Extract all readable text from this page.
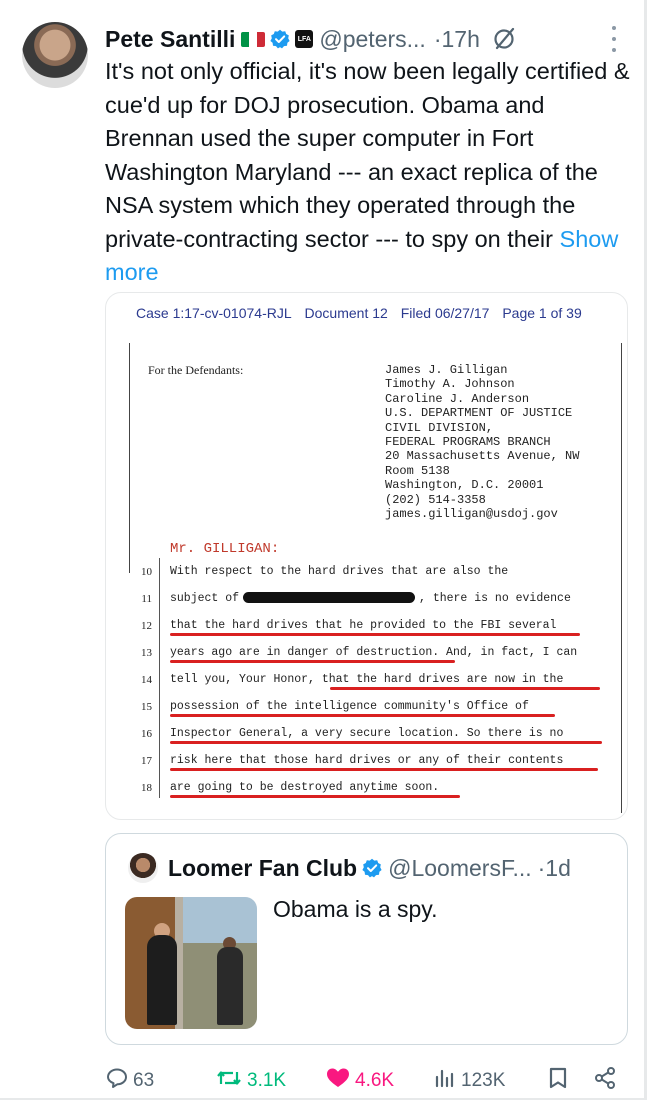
Pete Santilli	LFA @peters... ·17h
It's not only official, it's now been legally certified & cue'd up for DOJ prosecution. Obama and Brennan used the super computer in Fort Washington Maryland --- an exact replica of the NSA system which they operated through the private-contracting sector --- to spy on their Show more
Case 1:17-cv-01074-RJL Document 12 Filed 06/27/17 Page 1 of 39
For the Defendants:	James J. Gilligan
Timothy A. Johnson
Caroline J. Anderson
U.S. DEPARTMENT OF JUSTICE
CIVIL DIVISION,
FEDERAL PROGRAMS BRANCH
20 Massachusetts Avenue, NW
Room 5138
Washington, D.C. 20001
(202) 514-3358
james.gilligan@usdoj.gov
Mr. GILLIGAN:
10 With respect to the hard drives that are also the
11 subject of	, there is no evidence
12 that the hard drives that he provided to the FBI several
13 years ago are in danger of destruction. And, in fact, I can
14 tell you, Your Honor, that the hard drives are now in the
15 possession of the intelligence community's Office of
16 Inspector General, a very secure location. So there is no
17 risk here that those hard drives or any of their contents
18 are going to be destroyed anytime soon.
Loomer Fan Club @LoomersF... ·1d
Obama is a spy.
63	3.1K	4.6K	123K
